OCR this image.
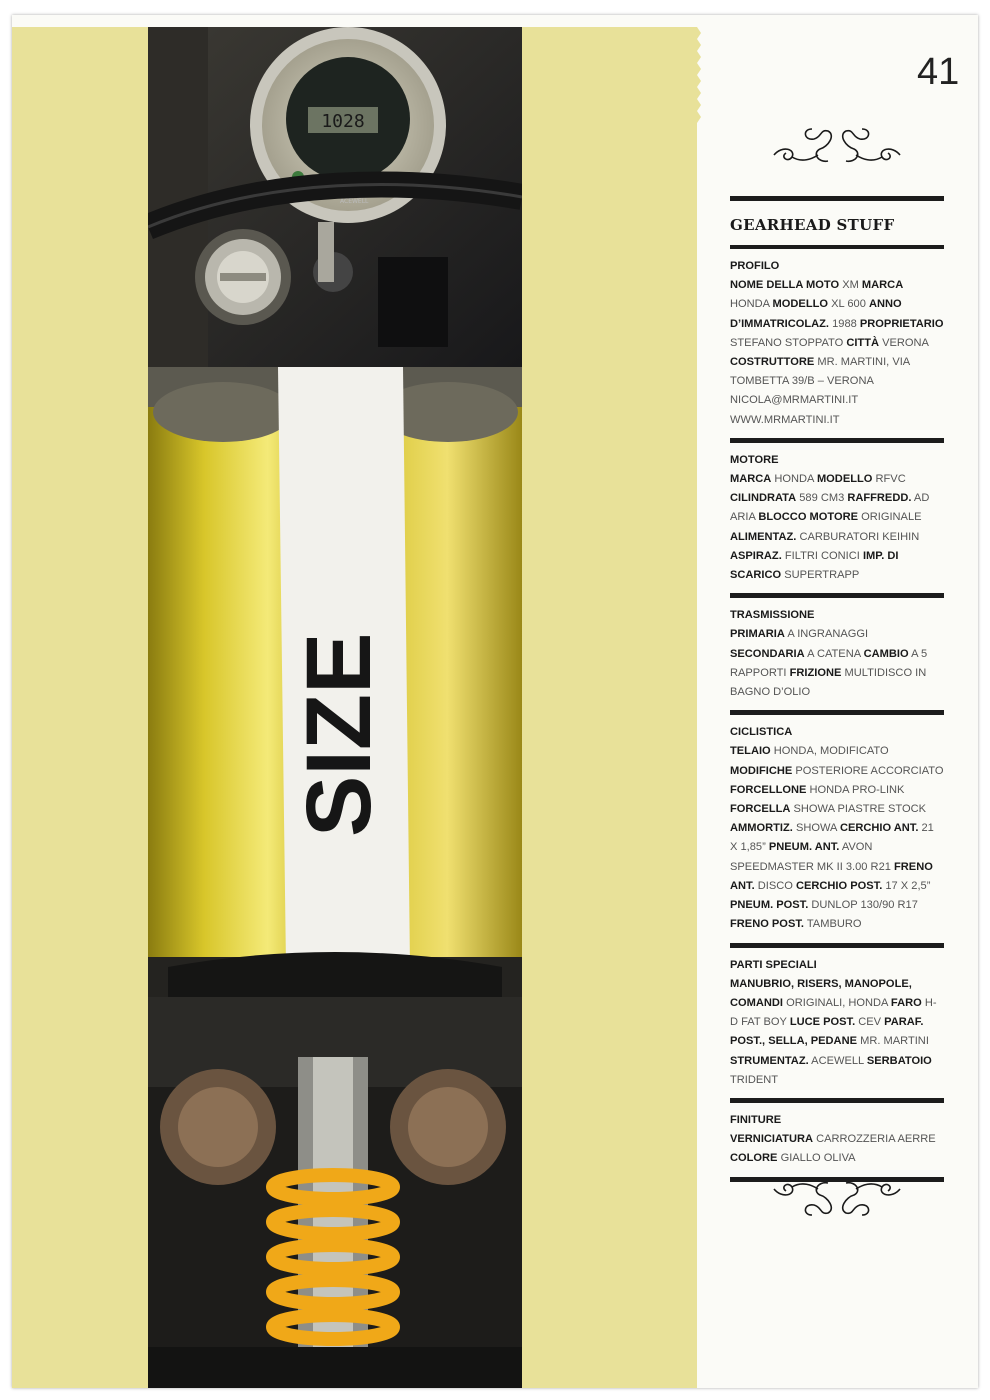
1028
MODE
ACEWELL
SIZE
41
GEARHEAD STUFF
PROFILO
NOME DELLA MOTO XM MARCA HONDA MODELLO XL 600 ANNO D’IMMATRICOLAZ. 1988 PROPRIETARIO STEFANO STOPPATO CITTÀ VERONA COSTRUTTORE MR. MARTINI, VIA TOMBETTA 39/B – VERONA NICOLA@MRMARTINI.IT WWW.MRMARTINI.IT
MOTORE
MARCA HONDA MODELLO RFVC CILINDRATA 589 CM3 RAFFREDD. AD ARIA BLOCCO MOTORE ORIGINALE ALIMENTAZ. CARBURATORI KEIHIN ASPIRAZ. FILTRI CONICI IMP. DI SCARICO SUPERTRAPP
TRASMISSIONE
PRIMARIA A INGRANAGGI SECONDARIA A CATENA CAMBIO A 5 RAPPORTI FRIZIONE MULTIDISCO IN BAGNO D’OLIO
CICLISTICA
TELAIO HONDA, MODIFICATO MODIFICHE POSTERIORE ACCORCIATO FORCELLONE HONDA PRO-LINK FORCELLA SHOWA PIASTRE STOCK AMMORTIZ. SHOWA CERCHIO ANT. 21 X 1,85” PNEUM. ANT. AVON SPEEDMASTER MK II 3.00 R21 FRENO ANT. DISCO CERCHIO POST. 17 X 2,5” PNEUM. POST. DUNLOP 130/90 R17 FRENO POST. TAMBURO
PARTI SPECIALI
MANUBRIO, RISERS, MANOPOLE, COMANDI ORIGINALI, HONDA FARO H-D FAT BOY LUCE POST. CEV PARAF. POST., SELLA, PEDANE MR. MARTINI STRUMENTAZ. ACEWELL SERBATOIO TRIDENT
FINITURE
VERNICIATURA CARROZZERIA AERRE
COLORE GIALLO OLIVA
